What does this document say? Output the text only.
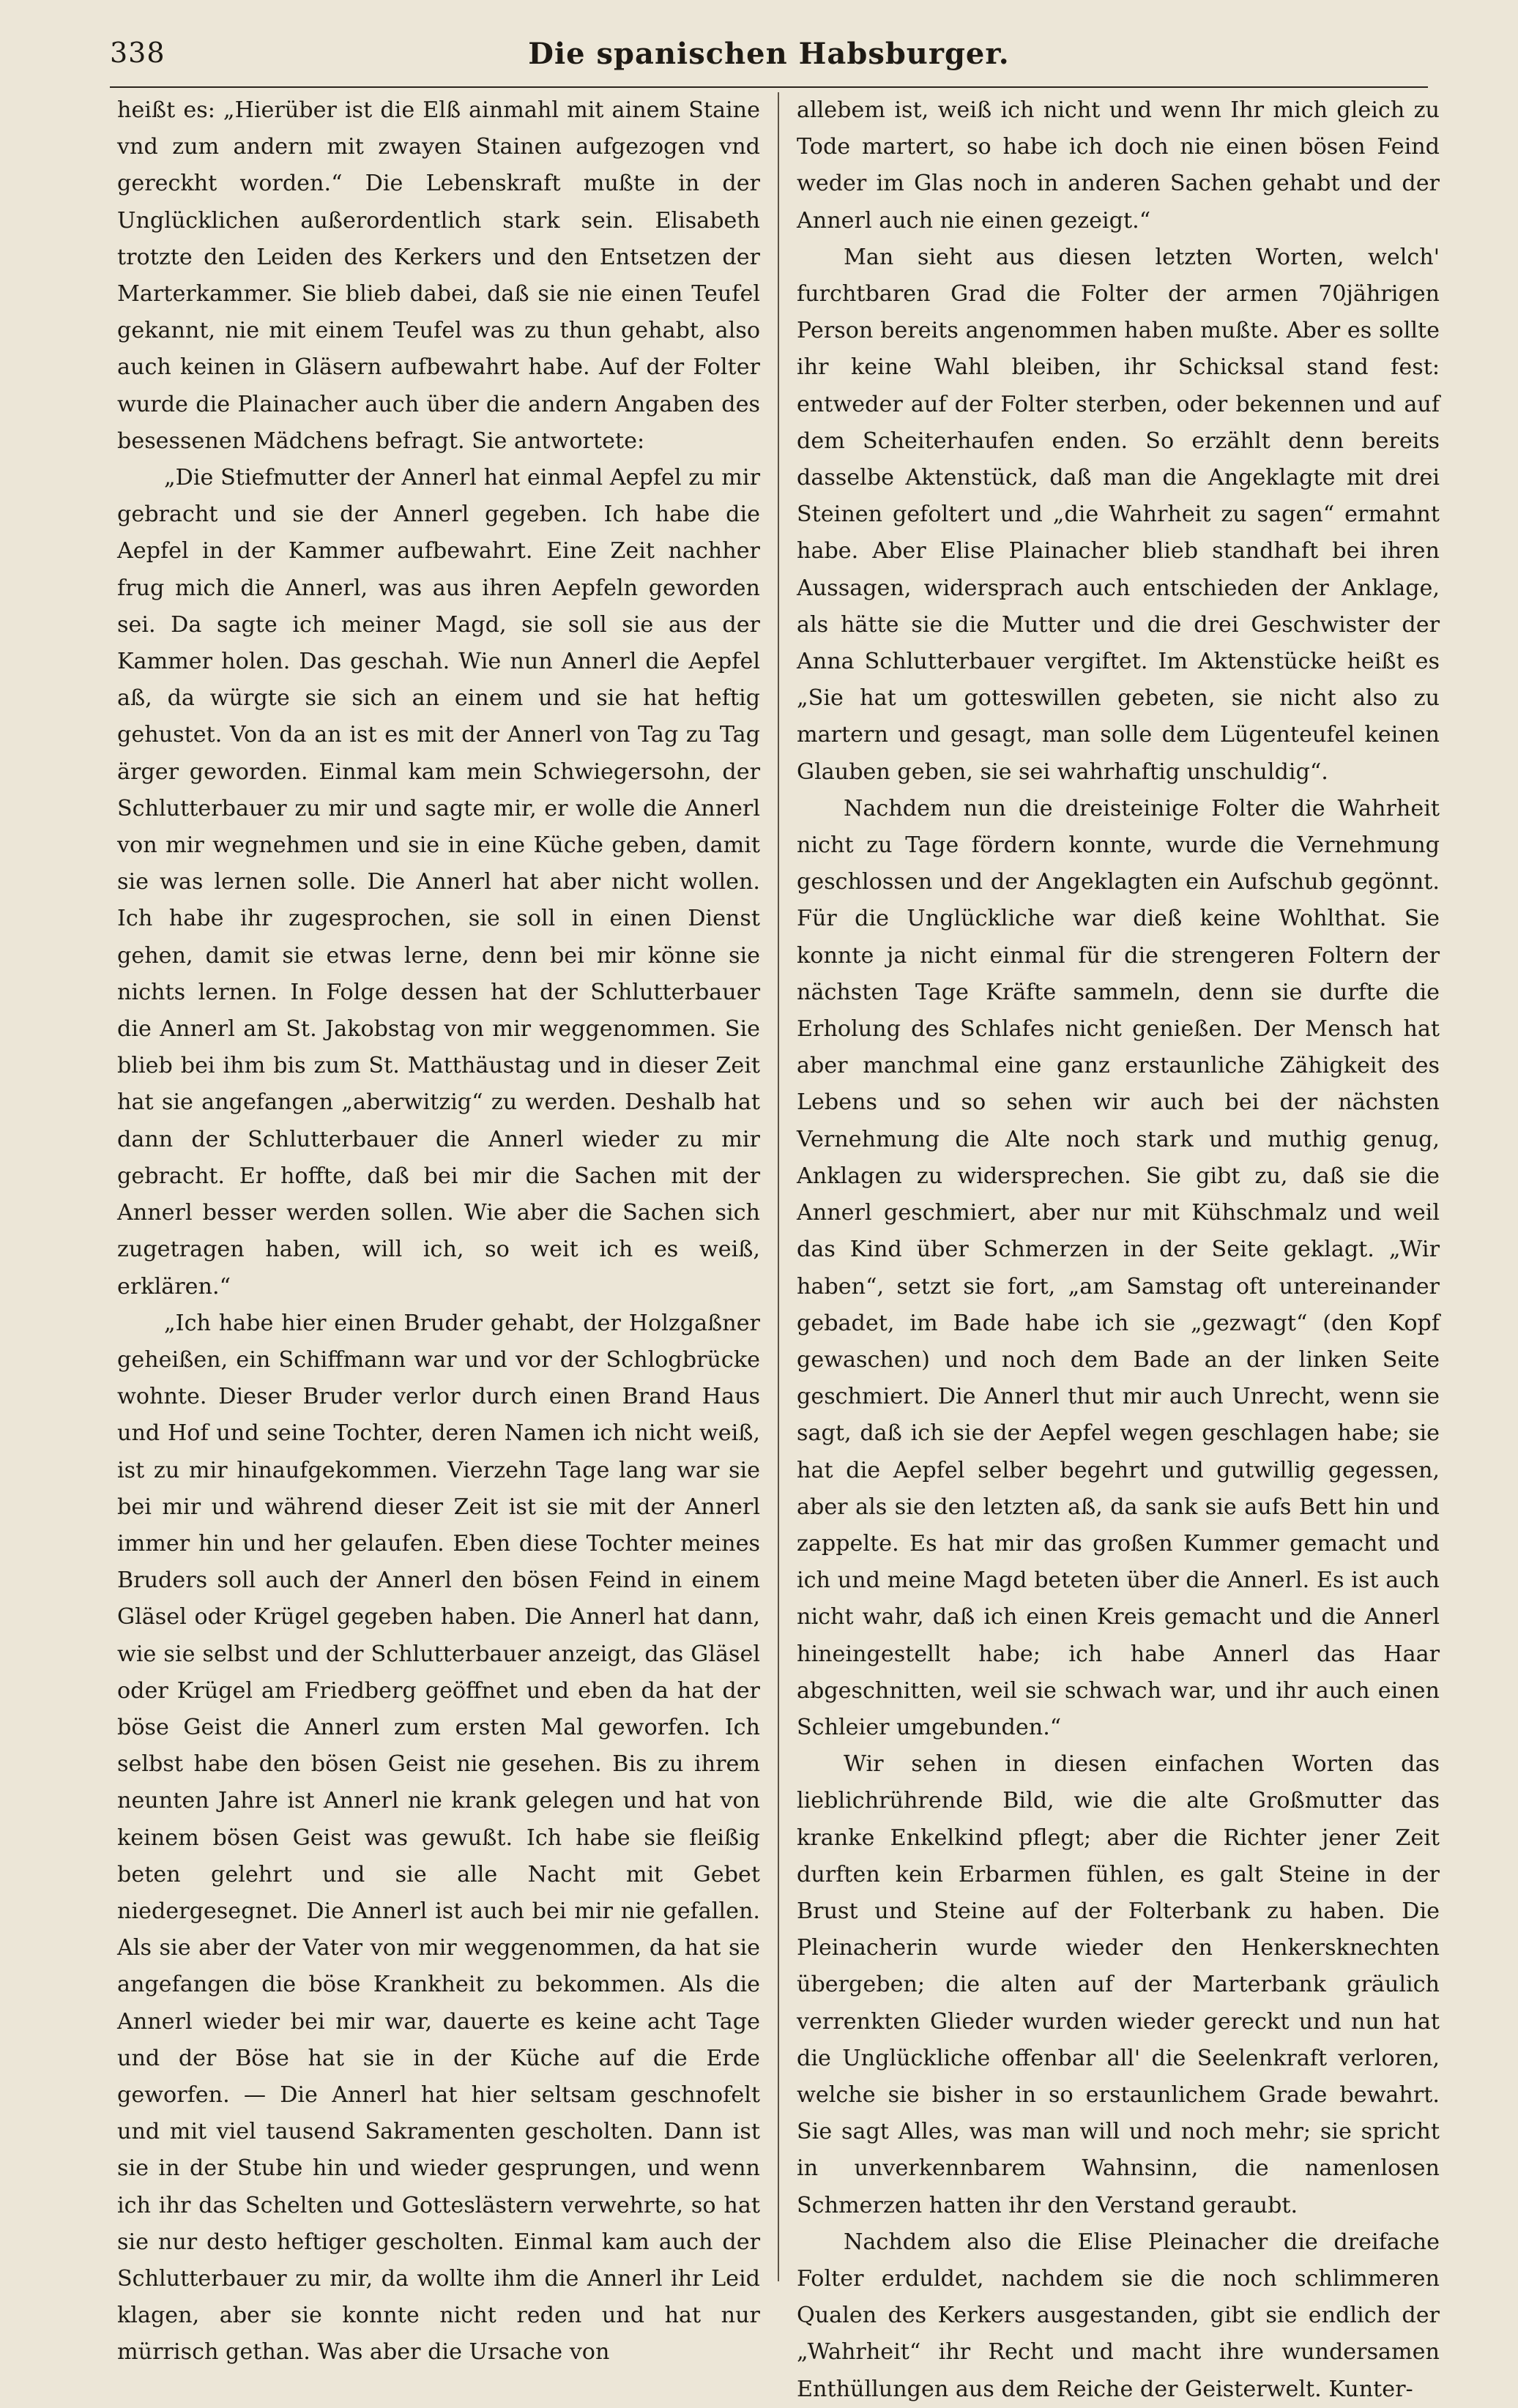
338	Die spanischen Habsburger.

heißt es: „Hierüber ist die Elß ainmahl mit ainem Staine vnd zum andern mit zwayen Stainen aufgezogen vnd gereckht worden.“ Die Lebenskraft mußte in der Unglücklichen außerordentlich stark sein. Elisabeth trotzte den Leiden des Kerkers und den Entsetzen der Marterkammer. Sie blieb dabei, daß sie nie einen Teufel gekannt, nie mit einem Teufel was zu thun gehabt, also auch keinen in Gläsern aufbewahrt habe. Auf der Folter wurde die Plainacher auch über die andern Angaben des besessenen Mädchens befragt. Sie antwortete:

„Die Stiefmutter der Annerl hat einmal Aepfel zu mir gebracht und sie der Annerl gegeben. Ich habe die Aepfel in der Kammer aufbewahrt. Eine Zeit nachher frug mich die Annerl, was aus ihren Aepfeln geworden sei. Da sagte ich meiner Magd, sie soll sie aus der Kammer holen. Das geschah. Wie nun Annerl die Aepfel aß, da würgte sie sich an einem und sie hat heftig gehustet. Von da an ist es mit der Annerl von Tag zu Tag ärger geworden. Einmal kam mein Schwiegersohn, der Schlutterbauer zu mir und sagte mir, er wolle die Annerl von mir wegnehmen und sie in eine Küche geben, damit sie was lernen solle. Die Annerl hat aber nicht wollen. Ich habe ihr zugesprochen, sie soll in einen Dienst gehen, damit sie etwas lerne, denn bei mir könne sie nichts lernen. In Folge dessen hat der Schlutterbauer die Annerl am St. Jakobstag von mir weggenommen. Sie blieb bei ihm bis zum St. Matthäustag und in dieser Zeit hat sie angefangen „aberwitzig“ zu werden. Deshalb hat dann der Schlutterbauer die Annerl wieder zu mir gebracht. Er hoffte, daß bei mir die Sachen mit der Annerl besser werden sollen. Wie aber die Sachen sich zugetragen haben, will ich, so weit ich es weiß, erklären.“

„Ich habe hier einen Bruder gehabt, der Holzgaßner geheißen, ein Schiffmann war und vor der Schlogbrücke wohnte. Dieser Bruder verlor durch einen Brand Haus und Hof und seine Tochter, deren Namen ich nicht weiß, ist zu mir hinaufgekommen. Vierzehn Tage lang war sie bei mir und während dieser Zeit ist sie mit der Annerl immer hin und her gelaufen. Eben diese Tochter meines Bruders soll auch der Annerl den bösen Feind in einem Gläsel oder Krügel gegeben haben. Die Annerl hat dann, wie sie selbst und der Schlutterbauer anzeigt, das Gläsel oder Krügel am Friedberg geöffnet und eben da hat der böse Geist die Annerl zum ersten Mal geworfen. Ich selbst habe den bösen Geist nie gesehen. Bis zu ihrem neunten Jahre ist Annerl nie krank gelegen und hat von keinem bösen Geist was gewußt. Ich habe sie fleißig beten gelehrt und sie alle Nacht mit Gebet niedergesegnet. Die Annerl ist auch bei mir nie gefallen. Als sie aber der Vater von mir weggenommen, da hat sie angefangen die böse Krankheit zu bekommen. Als die Annerl wieder bei mir war, dauerte es keine acht Tage und der Böse hat sie in der Küche auf die Erde geworfen. — Die Annerl hat hier seltsam geschnofelt und mit viel tausend Sakramenten gescholten. Dann ist sie in der Stube hin und wieder gesprungen, und wenn ich ihr das Schelten und Gotteslästern verwehrte, so hat sie nur desto heftiger gescholten. Einmal kam auch der Schlutterbauer zu mir, da wollte ihm die Annerl ihr Leid klagen, aber sie konnte nicht reden und hat nur mürrisch gethan. Was aber die Ursache von

allebem ist, weiß ich nicht und wenn Ihr mich gleich zu Tode martert, so habe ich doch nie einen bösen Feind weder im Glas noch in anderen Sachen gehabt und der Annerl auch nie einen gezeigt.“

Man sieht aus diesen letzten Worten, welch' furchtbaren Grad die Folter der armen 70jährigen Person bereits angenommen haben mußte. Aber es sollte ihr keine Wahl bleiben, ihr Schicksal stand fest: entweder auf der Folter sterben, oder bekennen und auf dem Scheiterhaufen enden. So erzählt denn bereits dasselbe Aktenstück, daß man die Angeklagte mit drei Steinen gefoltert und „die Wahrheit zu sagen“ ermahnt habe. Aber Elise Plainacher blieb standhaft bei ihren Aussagen, widersprach auch entschieden der Anklage, als hätte sie die Mutter und die drei Geschwister der Anna Schlutterbauer vergiftet. Im Aktenstücke heißt es „Sie hat um gotteswillen gebeten, sie nicht also zu martern und gesagt, man solle dem Lügenteufel keinen Glauben geben, sie sei wahrhaftig unschuldig“.

Nachdem nun die dreisteinige Folter die Wahrheit nicht zu Tage fördern konnte, wurde die Vernehmung geschlossen und der Angeklagten ein Aufschub gegönnt. Für die Unglückliche war dieß keine Wohlthat. Sie konnte ja nicht einmal für die strengeren Foltern der nächsten Tage Kräfte sammeln, denn sie durfte die Erholung des Schlafes nicht genießen. Der Mensch hat aber manchmal eine ganz erstaunliche Zähigkeit des Lebens und so sehen wir auch bei der nächsten Vernehmung die Alte noch stark und muthig genug, Anklagen zu widersprechen. Sie gibt zu, daß sie die Annerl geschmiert, aber nur mit Kühschmalz und weil das Kind über Schmerzen in der Seite geklagt. „Wir haben“, setzt sie fort, „am Samstag oft untereinander gebadet, im Bade habe ich sie „gezwagt“ (den Kopf gewaschen) und noch dem Bade an der linken Seite geschmiert. Die Annerl thut mir auch Unrecht, wenn sie sagt, daß ich sie der Aepfel wegen geschlagen habe; sie hat die Aepfel selber begehrt und gutwillig gegessen, aber als sie den letzten aß, da sank sie aufs Bett hin und zappelte. Es hat mir das großen Kummer gemacht und ich und meine Magd beteten über die Annerl. Es ist auch nicht wahr, daß ich einen Kreis gemacht und die Annerl hineingestellt habe; ich habe Annerl das Haar abgeschnitten, weil sie schwach war, und ihr auch einen Schleier umgebunden.“

Wir sehen in diesen einfachen Worten das lieblichrührende Bild, wie die alte Großmutter das kranke Enkelkind pflegt; aber die Richter jener Zeit durften kein Erbarmen fühlen, es galt Steine in der Brust und Steine auf der Folterbank zu haben. Die Pleinacherin wurde wieder den Henkersknechten übergeben; die alten auf der Marterbank gräulich verrenkten Glieder wurden wieder gereckt und nun hat die Unglückliche offenbar all' die Seelenkraft verloren, welche sie bisher in so erstaunlichem Grade bewahrt. Sie sagt Alles, was man will und noch mehr; sie spricht in unverkennbarem Wahnsinn, die namenlosen Schmerzen hatten ihr den Verstand geraubt.

Nachdem also die Elise Pleinacher die dreifache Folter erduldet, nachdem sie die noch schlimmeren Qualen des Kerkers ausgestanden, gibt sie endlich der „Wahrheit“ ihr Recht und macht ihre wundersamen Enthüllungen aus dem Reiche der Geisterwelt. Kunter-
